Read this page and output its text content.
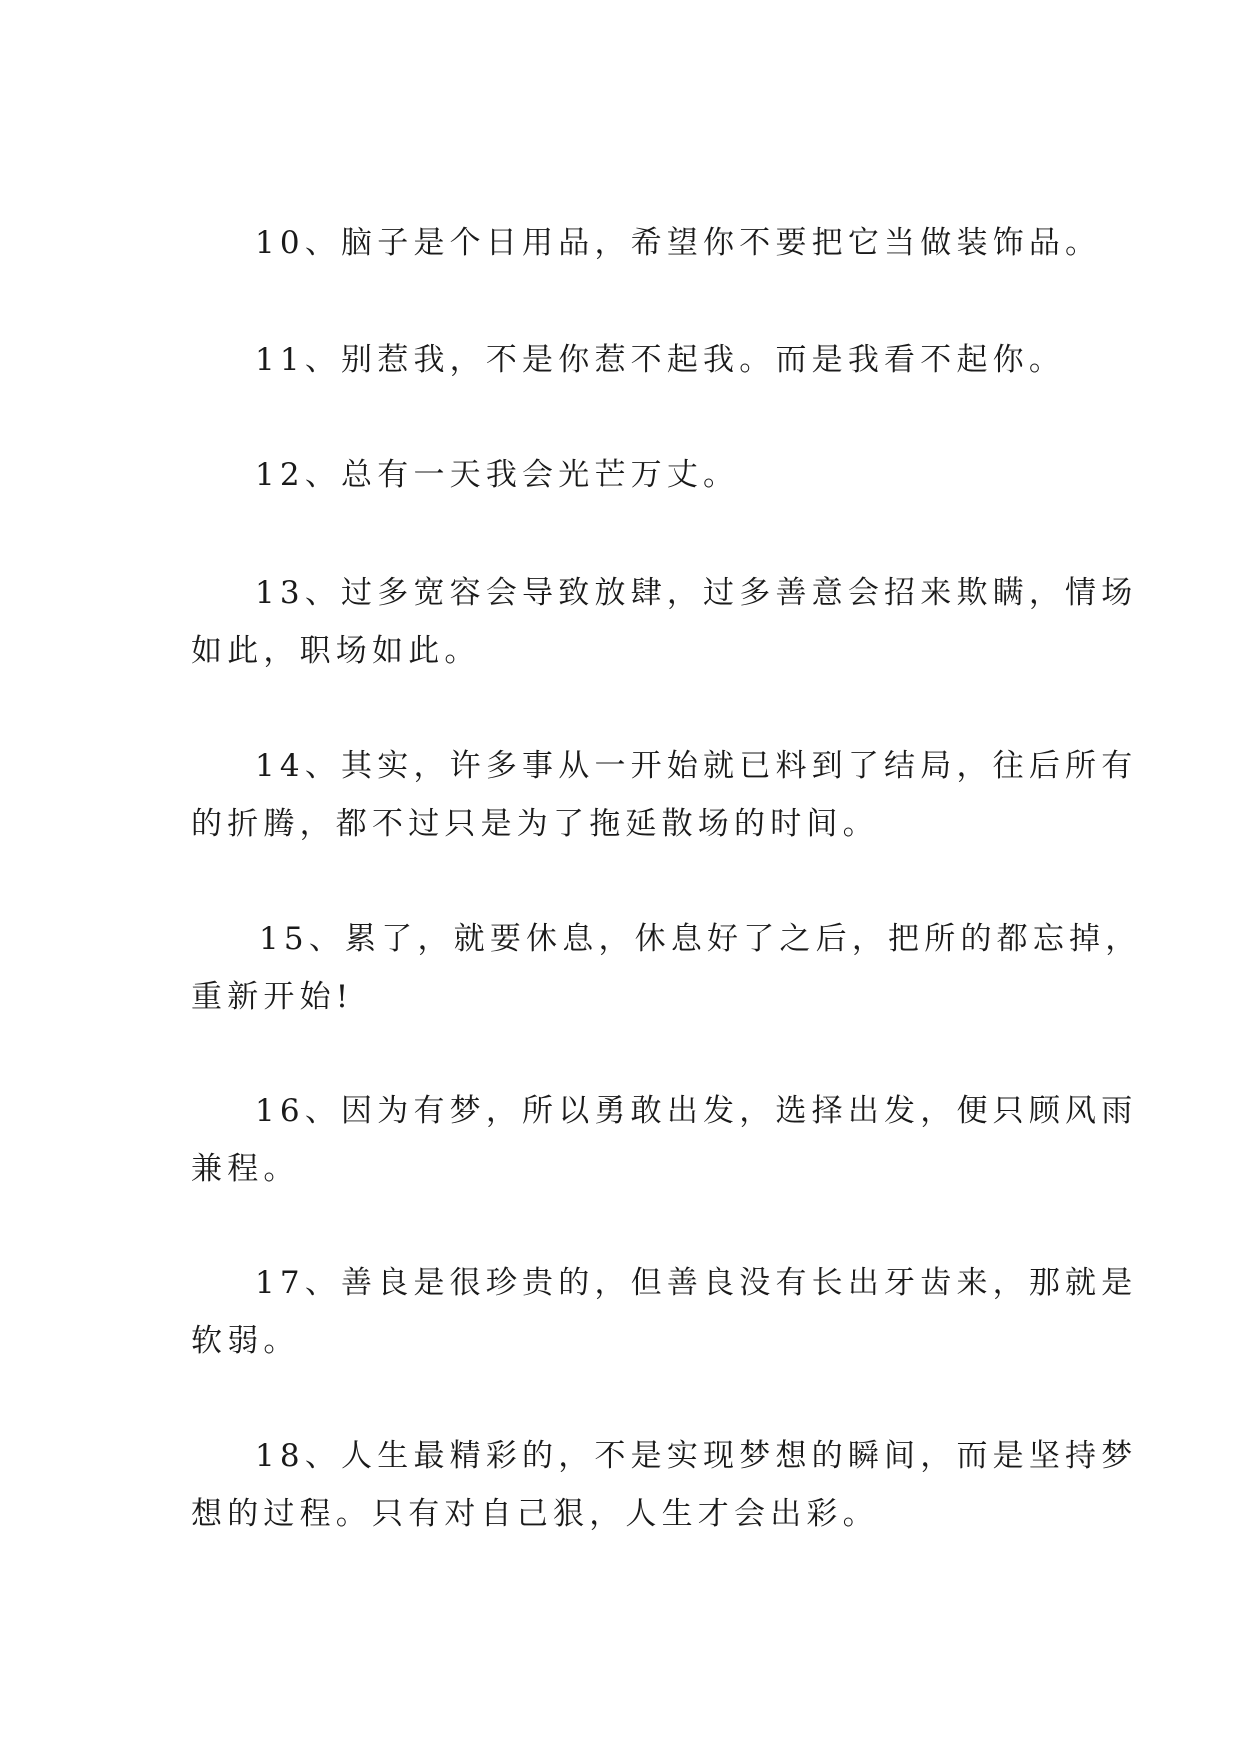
10、脑子是个日用品，希望你不要把它当做装饰品。
11、别惹我，不是你惹不起我。而是我看不起你。
12、总有一天我会光芒万丈。
13、过多宽容会导致放肆，过多善意会招来欺瞒，情场
如此，职场如此。
14、其实，许多事从一开始就已料到了结局，往后所有
的折腾，都不过只是为了拖延散场的时间。
15、累了，就要休息，休息好了之后，把所的都忘掉，
重新开始!
16、因为有梦，所以勇敢出发，选择出发，便只顾风雨
兼程。
17、善良是很珍贵的，但善良没有长出牙齿来，那就是
软弱。
18、人生最精彩的，不是实现梦想的瞬间，而是坚持梦
想的过程。只有对自己狠，人生才会出彩。
